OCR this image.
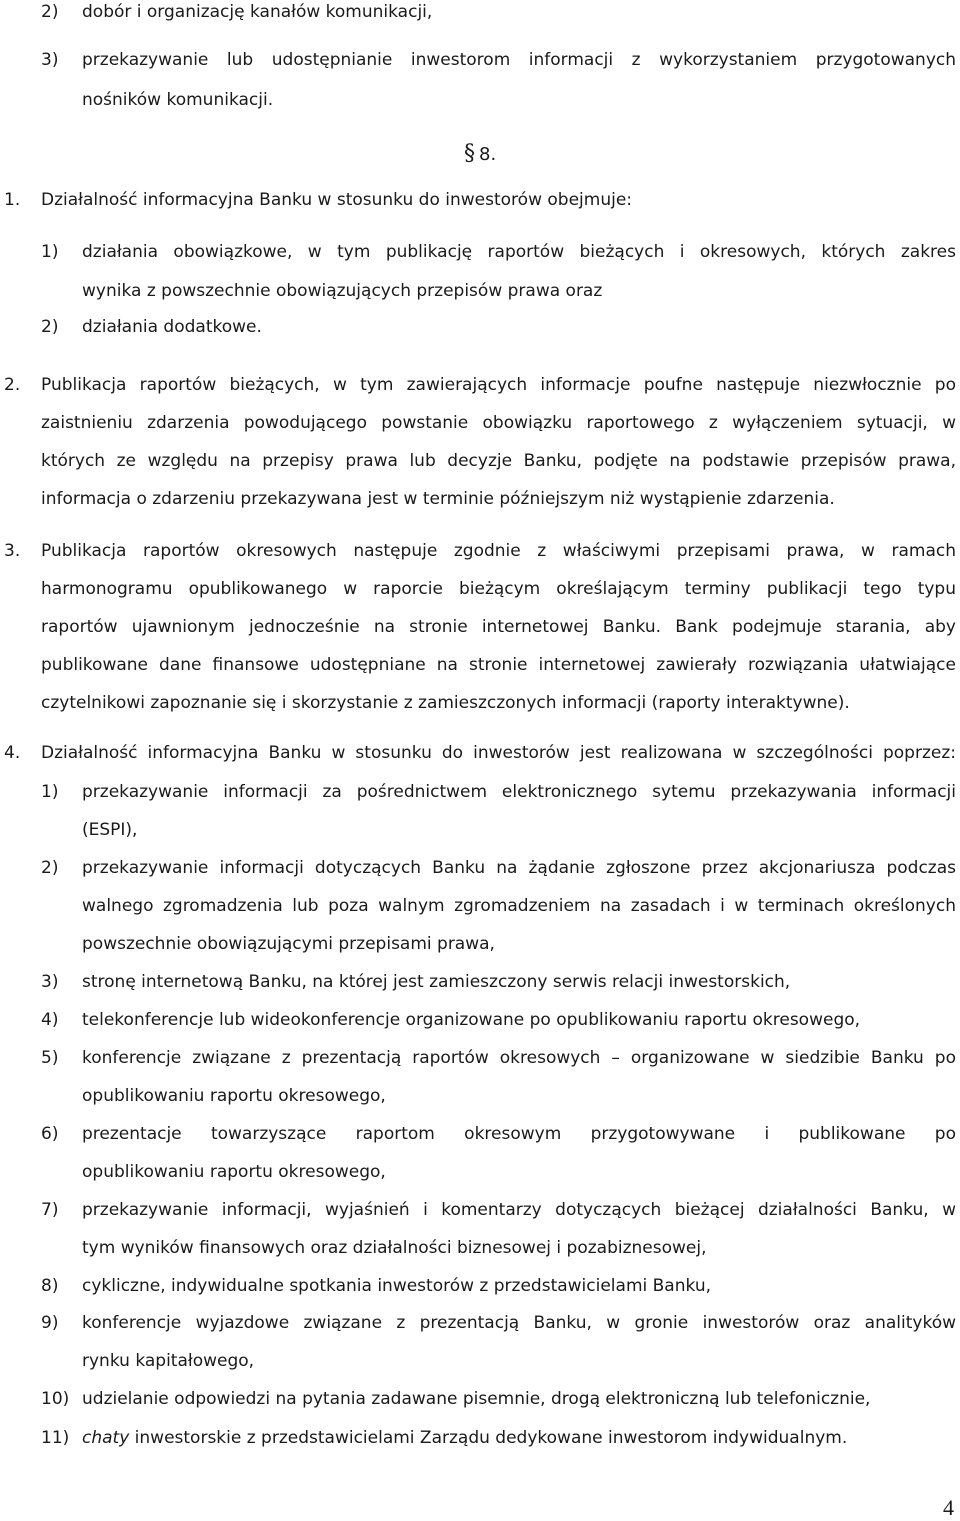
2) dobór i organizację kanałów komunikacji,
3) przekazywanie lub udostępnianie inwestorom informacji z wykorzystaniem przygotowanych
nośników komunikacji.
§ 8.
1. Działalność informacyjna Banku w stosunku do inwestorów obejmuje:
1) działania obowiązkowe, w tym publikację raportów bieżących i okresowych, których zakres
wynika z powszechnie obowiązujących przepisów prawa oraz
2) działania dodatkowe.
2. Publikacja raportów bieżących, w tym zawierających informacje poufne następuje niezwłocznie po
zaistnieniu zdarzenia powodującego powstanie obowiązku raportowego z wyłączeniem sytuacji, w
których ze względu na przepisy prawa lub decyzje Banku, podjęte na podstawie przepisów prawa,
informacja o zdarzeniu przekazywana jest w terminie późniejszym niż wystąpienie zdarzenia.
3. Publikacja raportów okresowych następuje zgodnie z właściwymi przepisami prawa, w ramach
harmonogramu opublikowanego w raporcie bieżącym określającym terminy publikacji tego typu
raportów ujawnionym jednocześnie na stronie internetowej Banku. Bank podejmuje starania, aby
publikowane dane finansowe udostępniane na stronie internetowej zawierały rozwiązania ułatwiające
czytelnikowi zapoznanie się i skorzystanie z zamieszczonych informacji (raporty interaktywne).
4. Działalność informacyjna Banku w stosunku do inwestorów jest realizowana w szczególności poprzez:
1) przekazywanie informacji za pośrednictwem elektronicznego sytemu przekazywania informacji
(ESPI),
2) przekazywanie informacji dotyczących Banku na żądanie zgłoszone przez akcjonariusza podczas
walnego zgromadzenia lub poza walnym zgromadzeniem na zasadach i w terminach określonych
powszechnie obowiązującymi przepisami prawa,
3) stronę internetową Banku, na której jest zamieszczony serwis relacji inwestorskich,
4) telekonferencje lub wideokonferencje organizowane po opublikowaniu raportu okresowego,
5) konferencje związane z prezentacją raportów okresowych – organizowane w siedzibie Banku po
opublikowaniu raportu okresowego,
6) prezentacje towarzyszące raportom okresowym przygotowywane i publikowane po
opublikowaniu raportu okresowego,
7) przekazywanie informacji, wyjaśnień i komentarzy dotyczących bieżącej działalności Banku, w
tym wyników finansowych oraz działalności biznesowej i pozabiznesowej,
8) cykliczne, indywidualne spotkania inwestorów z przedstawicielami Banku,
9) konferencje wyjazdowe związane z prezentacją Banku, w gronie inwestorów oraz analityków
rynku kapitałowego,
10) udzielanie odpowiedzi na pytania zadawane pisemnie, drogą elektroniczną lub telefonicznie,
11) chaty inwestorskie z przedstawicielami Zarządu dedykowane inwestorom indywidualnym.
4
